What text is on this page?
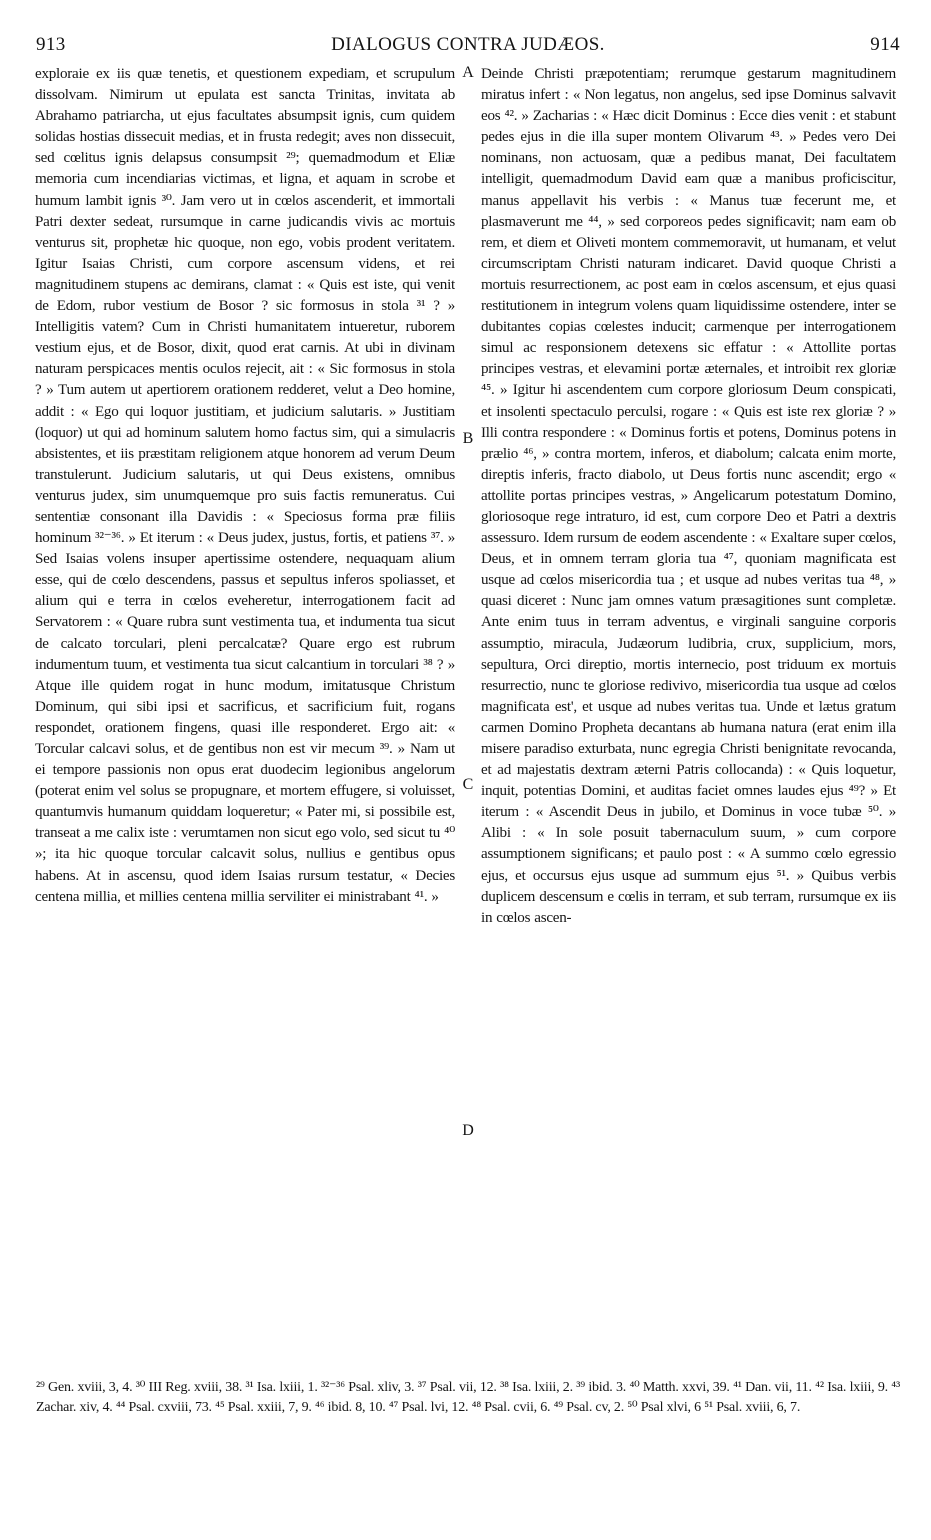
913	DIALOGUS CONTRA JUDÆOS.	914
exploraie ex iis quæ tenetis, et questionem expediam, et scrupulum dissolvam. Nimirum ut epulata est sancta Trinitas, invitata ab Abrahamo patriarcha, ut ejus facultates absumpsit ignis, cum quidem solidas hostias dissecuit medias, et in frusta redegit; aves non dissecuit, sed cœlitus ignis delapsus consumpsit ²⁹; quemadmodum et Eliæ memoria cum incendiarias victimas, et ligna, et aquam in scrobe et humum lambit ignis ³⁰. Jam vero ut in cœlos ascenderit, et immortali Patri dexter sedeat, rursumque in carne judicandis vivis ac mortuis venturus sit, prophetæ hic quoque, non ego, vobis prodent veritatem. Igitur Isaias Christi, cum corpore ascensum videns, et rei magnitudinem stupens ac demirans, clamat : « Quis est iste, qui venit de Edom, rubor vestium de Bosor ? sic formosus in stola ³¹ ? » Intelligitis vatem? Cum in Christi humanitatem intueretur, ruborem vestium ejus, et de Bosor, dixit, quod erat carnis. At ubi in divinam naturam perspicaces mentis oculos rejecit, ait : « Sic formosus in stola ? » Tum autem ut apertiorem orationem redderet, velut a Deo homine, addit : « Ego qui loquor justitiam, et judicium salutaris. » Justitiam (loquor) ut qui ad hominum salutem homo factus sim, qui a simulacris absistentes, et iis præstitam religionem atque honorem ad verum Deum transtulerunt. Judicium salutaris, ut qui Deus existens, omnibus venturus judex, sim unumquemque pro suis factis remuneratus. Cui sententiæ consonant illa Davidis : « Speciosus forma præ filiis hominum ³²⁻³⁶. » Et iterum : « Deus judex, justus, fortis, et patiens ³⁷. » Sed Isaias volens insuper apertissime ostendere, nequaquam alium esse, qui de cœlo descendens, passus et sepultus inferos spoliasset, et alium qui e terra in cœlos eveheretur, interrogationem facit ad Servatorem : « Quare rubra sunt vestimenta tua, et indumenta tua sicut de calcato torculari, pleni percalcatæ? Quare ergo est rubrum indumentum tuum, et vestimenta tua sicut calcantium in torculari ³⁸ ? » Atque ille quidem rogat in hunc modum, imitatusque Christum Dominum, qui sibi ipsi et sacrificus, et sacrificium fuit, rogans respondet, orationem fingens, quasi ille responderet. Ergo ait: « Torcular calcavi solus, et de gentibus non est vir mecum ³⁹. » Nam ut ei tempore passionis non opus erat duodecim legionibus angelorum (poterat enim vel solus se propugnare, et mortem effugere, si voluisset, quantumvis humanum quiddam loqueretur; « Pater mi, si possibile est, transeat a me calix iste : verumtamen non sicut ego volo, sed sicut tu ⁴⁰ »; ita hic quoque torcular calcavit solus, nullius e gentibus opus habens. At in ascensu, quod idem Isaias rursum testatur, « Decies centena millia, et millies centena millia serviliter ei ministrabant ⁴¹. »
A
B
C
D
Deinde Christi præpotentiam; rerumque gestarum magnitudinem miratus infert : « Non legatus, non angelus, sed ipse Dominus salvavit eos ⁴². » Zacharias : « Hæc dicit Dominus : Ecce dies venit : et stabunt pedes ejus in die illa super montem Olivarum ⁴³. » Pedes vero Dei nominans, non actuosam, quæ a pedibus manat, Dei facultatem intelligit, quemadmodum David eam quæ a manibus proficiscitur, manus appellavit his verbis : « Manus tuæ fecerunt me, et plasmaverunt me ⁴⁴, » sed corporeos pedes significavit; nam eam ob rem, et diem et Oliveti montem commemoravit, ut humanam, et velut circumscriptam Christi naturam indicaret. David quoque Christi a mortuis resurrectionem, ac post eam in cœlos ascensum, et ejus quasi restitutionem in integrum volens quam liquidissime ostendere, inter se dubitantes copias cœlestes inducit; carmenque per interrogationem simul ac responsionem detexens sic effatur : « Attollite portas principes vestras, et elevamini portæ æternales, et introibit rex gloriæ ⁴⁵. » Igitur hi ascendentem cum corpore gloriosum Deum conspicati, et insolenti spectaculo perculsi, rogare : « Quis est iste rex gloriæ ? » Illi contra respondere : « Dominus fortis et potens, Dominus potens in prælio ⁴⁶, » contra mortem, inferos, et diabolum; calcata enim morte, direptis inferis, fracto diabolo, ut Deus fortis nunc ascendit; ergo « attollite portas principes vestras, » Angelicarum potestatum Domino, gloriosoque rege intraturo, id est, cum corpore Deo et Patri a dextris assessuro. Idem rursum de eodem ascendente : « Exaltare super cœlos, Deus, et in omnem terram gloria tua ⁴⁷, quoniam magnificata est usque ad cœlos misericordia tua ; et usque ad nubes veritas tua ⁴⁸, » quasi diceret : Nunc jam omnes vatum præsagitiones sunt completæ. Ante enim tuus in terram adventus, e virginali sanguine corporis assumptio, miracula, Judæorum ludibria, crux, supplicium, mors, sepultura, Orci direptio, mortis internecio, post triduum ex mortuis resurrectio, nunc te gloriose redivivo, misericordia tua usque ad cœlos magnificata est', et usque ad nubes veritas tua. Unde et lætus gratum carmen Domino Propheta decantans ab humana natura (erat enim illa misere paradiso exturbata, nunc egregia Christi benignitate revocanda, et ad majestatis dextram æterni Patris collocanda) : « Quis loquetur, inquit, potentias Domini, et auditas faciet omnes laudes ejus ⁴⁹? » Et iterum : « Ascendit Deus in jubilo, et Dominus in voce tubæ ⁵⁰. » Alibi : « In sole posuit tabernaculum suum, » cum corpore assumptionem significans; et paulo post : « A summo cœlo egressio ejus, et occursus ejus usque ad summum ejus ⁵¹. » Quibus verbis duplicem descensum e cœlis in terram, et sub terram, rursumque ex iis in cœlos ascen-
²⁹ Gen. xviii, 3, 4. ³⁰ III Reg. xviii, 38. ³¹ Isa. lxiii, 1. ³²⁻³⁶ Psal. xliv, 3. ³⁷ Psal. vii, 12. ³⁸ Isa. lxiii, 2. ³⁹ ibid. 3. ⁴⁰ Matth. xxvi, 39. ⁴¹ Dan. vii, 11. ⁴² Isa. lxiii, 9. ⁴³ Zachar. xiv, 4. ⁴⁴ Psal. cxviii, 73. ⁴⁵ Psal. xxiii, 7, 9. ⁴⁶ ibid. 8, 10. ⁴⁷ Psal. lvi, 12. ⁴⁸ Psal. cvii, 6. ⁴⁹ Psal. cv, 2. ⁵⁰ Psal xlvi, 6 ⁵¹ Psal. xviii, 6, 7.
